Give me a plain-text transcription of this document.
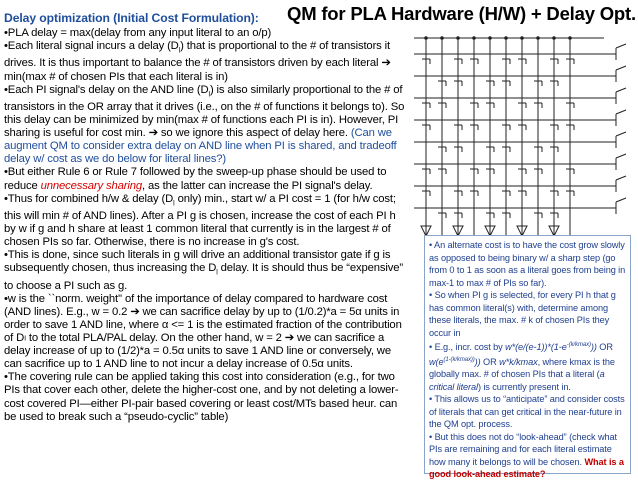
Delay optimization (Initial Cost Formulation): QM for PLA Hardware (H/W) + Delay Opt.

•PLA delay = max(delay from any input literal to an o/p)

•Each literal signal incurs a delay $(D_l)$ that is proportional to the # of transistors it drives. It is thus important to balance the # of transistors driven by each literal ➔ min(max # of chosen PIs that each literal is in)

•Each PI signal's delay on the AND line $(D_l)$ is also similarly proportional to the # of transistors in the OR array that it drives (i.e., on the # of functions it belongs to). So this delay can be minimized by min(max # of functions each PI is in). However, PI sharing is useful for cost min. ➔ so we ignore this aspect of delay here. (Can we augment QM to consider extra delay on AND line when PI is shared, and tradeoff delay w/ cost as we do below for literal lines?)

•But either Rule 6 or Rule 7 followed by the sweep-up phase should be used to reduce unnecessary sharing, as the latter can increase the PI signal's delay.

•Thus for combined h/w & delay ($D_l$ only) min., start w/ a PI cost = 1 (for h/w cost; this will min # of AND lines). After a PI g is chosen, increase the cost of each PI h by w if g and h share at least 1 common literal that currently is in the largest # of chosen PIs so far. Otherwise, there is no increase in g's cost.

•This is done, since such literals in g will drive an additional transistor gate if g is subsequently chosen, thus increasing the $D_l$ delay. It is should thus be “expensive” to choose a PI such as g.

•w is the ``norm. weight'' of the importance of delay compared to hardware cost (AND lines). E.g., w = 0.2 ➔ we can sacrifice delay by up to (1/0.2)*a = 5α units in order to save 1 AND line, where α <= 1 is the estimated fraction of the contribution of Dₗ to the total PLA/PAL delay. On the other hand, w = 2 ➔ we can sacrifice a delay increase of up to (1/2)*a = 0.5α units to save 1 AND line or conversely, we can sacrifice up to 1 AND line to not incur a delay increase of 0.5α units.

•The covering rule can be applied taking this cost into consideration (e.g., for two PIs that cover each other, delete the higher-cost one, and by not deleting a lower-cost covered PI—either PI-pair based covering or least cost/MTs based heur. can be used to break such a “pseudo-cyclic” table)

• An alternate cost is to have the cost grow slowly as opposed to being binary w/ a sharp step (go from 0 to 1 as soon as a literal goes from being in max-1 to max # of PIs so far).

• So when PI g is selected, for every PI h that g has common literal(s) with, determine among these literals, the max. # k of chosen PIs they occur in

• E.g., incr. cost by $w*(e/(e-1))*(1-e^{-(k/kmax)})$) OR $w(e^{(1-(k/kmax))})$) OR w*k/kmax, where kmax is the globally max. # of chosen PIs that a literal (a critical literal) is currently present in.

• This allows us to “anticipate” and consider costs of literals that can get critical in the near-future in the QM opt. process.

• But this does not do “look-ahead” (check what PIs are remaining and for each literal estimate how many it belongs to will be chosen. What is a good look-ahead estimate?
